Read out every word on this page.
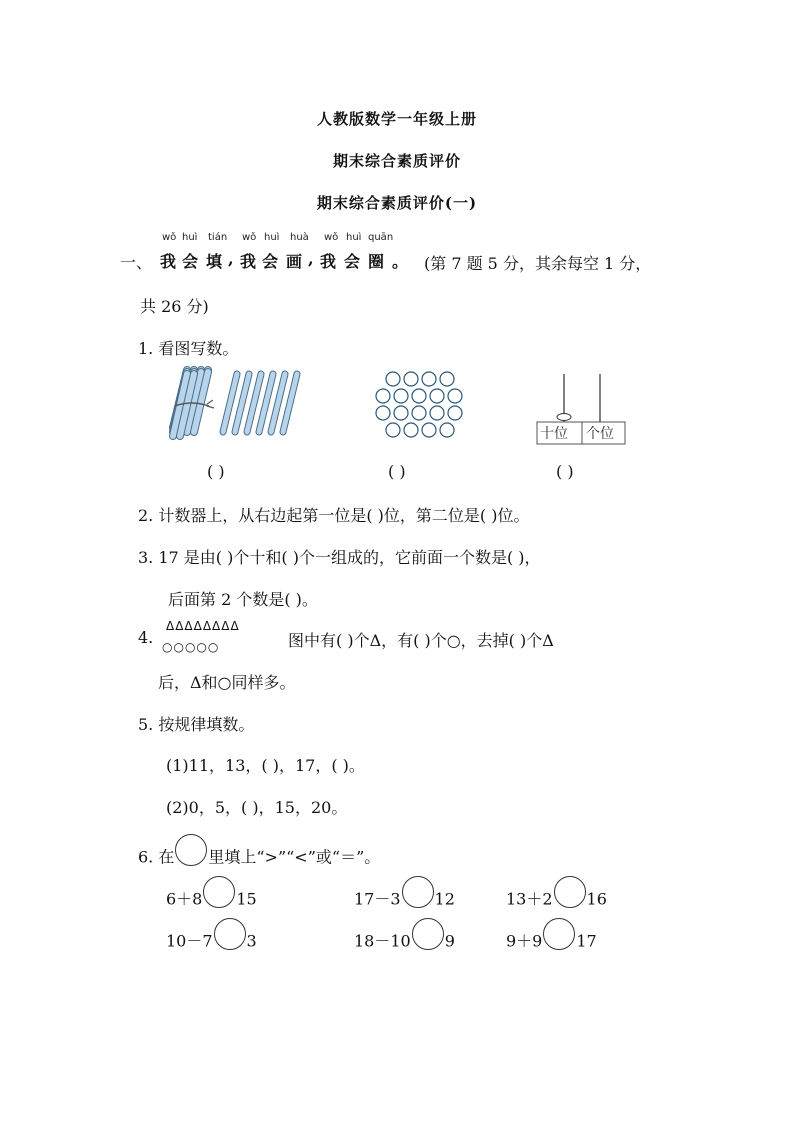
人教版数学一年级上册
期末综合素质评价
期末综合素质评价(一)
一、
wǒ huì tián wǒ huì huà wǒ huì quān
我 会 填 , 我 会 画 , 我 会 圈 。 (第 7 题 5 分，其余每空 1 分，
共 26 分)
1. 看图写数。
十位 个位
( )	( )	( )
2. 计数器上，从右边起第一位是( )位，第二位是( )位。
3. 17 是由( )个十和( )个一组成的，它前面一个数是( )，
后面第 2 个数是( )。
4.
ΔΔΔΔΔΔΔΔ
○○○○○	图中有( )个Δ，有( )个○，去掉( )个Δ
后，Δ和○同样多。
5. 按规律填数。
(1)11，13，( )，17，( )。
(2)0，5，( )，15，20。
6. 在 里填上“>”“<”或“＝”。
6＋8 15	17－3 12	13＋2 16
10－7 3	18－10 9	9＋9 17
